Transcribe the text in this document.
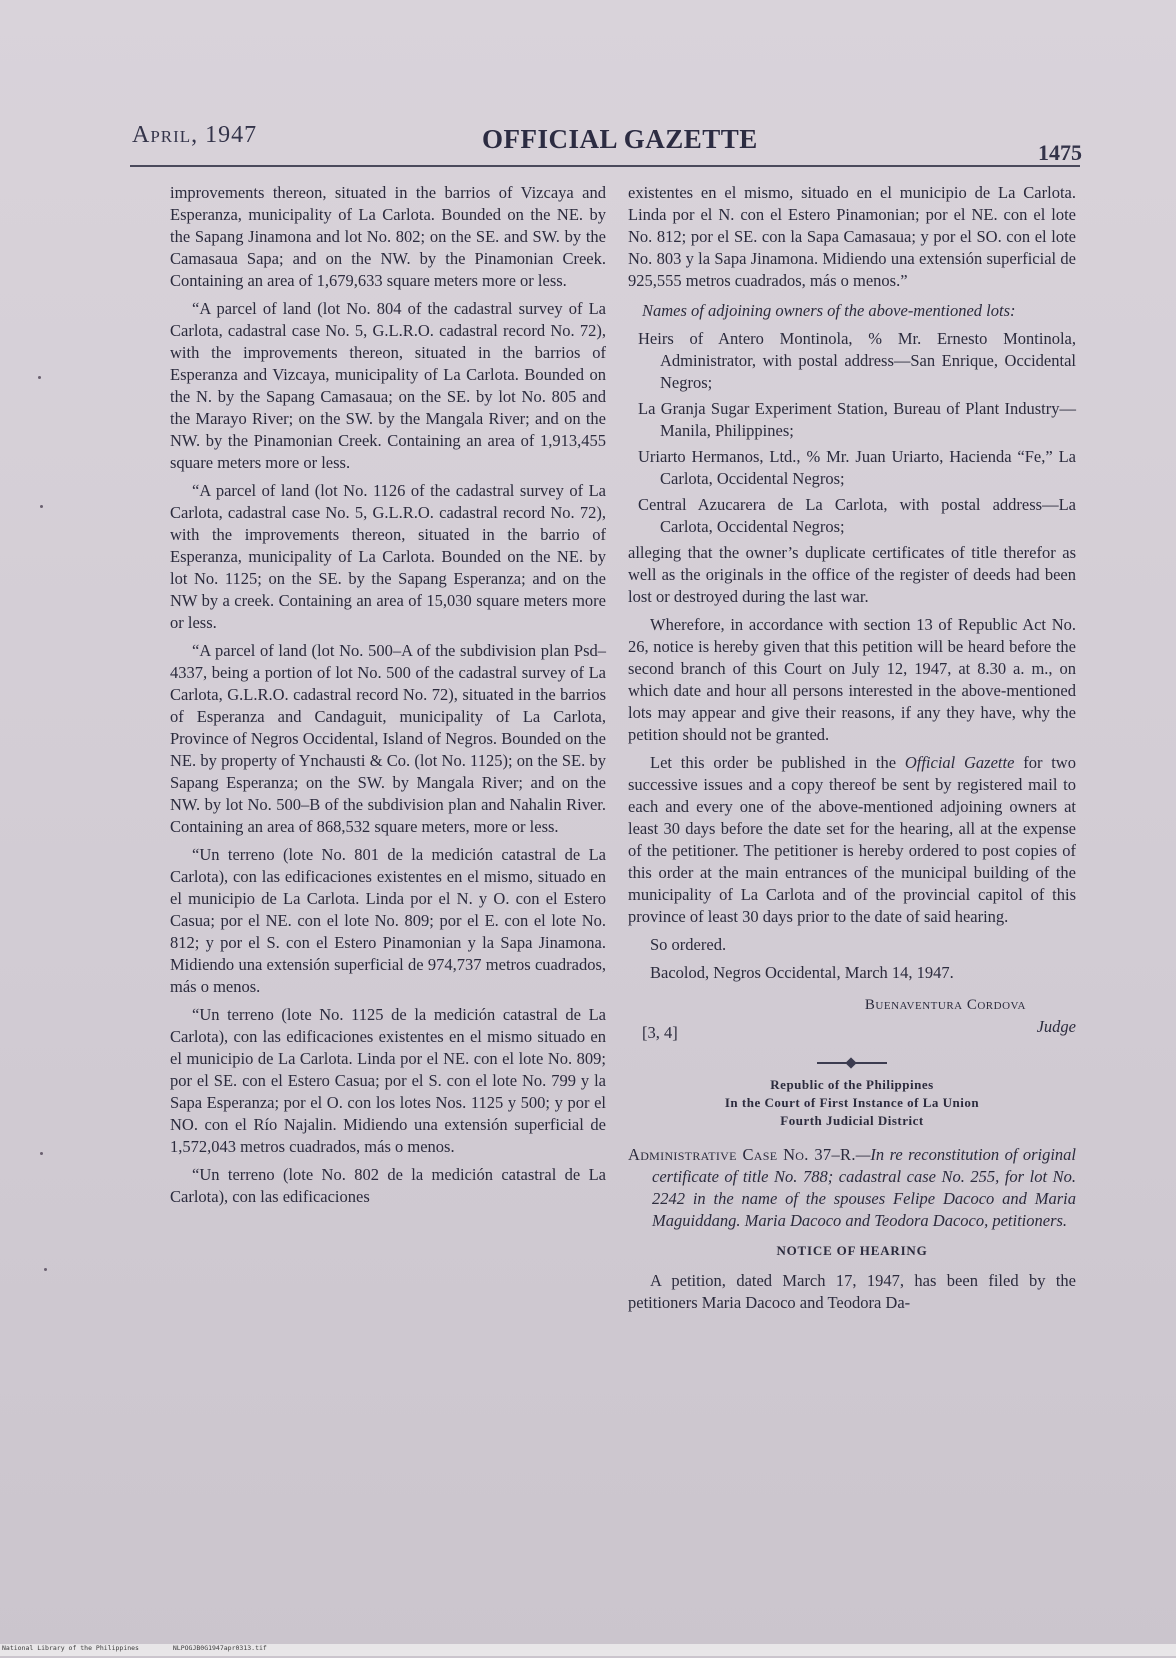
April, 1947	OFFICIAL GAZETTE	1475

improvements thereon, situated in the barrios of Vizcaya and Esperanza, municipality of La Carlota. Bounded on the NE. by the Sapang Jinamona and lot No. 802; on the SE. and SW. by the Camasaua Sapa; and on the NW. by the Pinamonian Creek. Containing an area of 1,679,633 square meters more or less.

“A parcel of land (lot No. 804 of the cadastral survey of La Carlota, cadastral case No. 5, G.L.R.O. cadastral record No. 72), with the improvements thereon, situated in the barrios of Esperanza and Vizcaya, municipality of La Carlota. Bounded on the N. by the Sapang Camasaua; on the SE. by lot No. 805 and the Marayo River; on the SW. by the Mangala River; and on the NW. by the Pinamonian Creek. Containing an area of 1,913,455 square meters more or less.

“A parcel of land (lot No. 1126 of the cadastral survey of La Carlota, cadastral case No. 5, G.L.R.O. cadastral record No. 72), with the improvements thereon, situated in the barrio of Esperanza, municipality of La Carlota. Bounded on the NE. by lot No. 1125; on the SE. by the Sapang Esperanza; and on the NW by a creek. Containing an area of 15,030 square meters more or less.

“A parcel of land (lot No. 500–A of the subdivision plan Psd–4337, being a portion of lot No. 500 of the cadastral survey of La Carlota, G.L.R.O. cadastral record No. 72), situated in the barrios of Esperanza and Candaguit, municipality of La Carlota, Province of Negros Occidental, Island of Negros. Bounded on the NE. by property of Ynchausti & Co. (lot No. 1125); on the SE. by Sapang Esperanza; on the SW. by Mangala River; and on the NW. by lot No. 500–B of the subdivision plan and Nahalin River. Containing an area of 868,532 square meters, more or less.

“Un terreno (lote No. 801 de la medición catastral de La Carlota), con las edificaciones existentes en el mismo, situado en el municipio de La Carlota. Linda por el N. y O. con el Estero Casua; por el NE. con el lote No. 809; por el E. con el lote No. 812; y por el S. con el Estero Pinamonian y la Sapa Jinamona. Midiendo una extensión superficial de 974,737 metros cuadrados, más o menos.

“Un terreno (lote No. 1125 de la medición catastral de La Carlota), con las edificaciones existentes en el mismo situado en el municipio de La Carlota. Linda por el NE. con el lote No. 809; por el SE. con el Estero Casua; por el S. con el lote No. 799 y la Sapa Esperanza; por el O. con los lotes Nos. 1125 y 500; y por el NO. con el Río Najalin. Midiendo una extensión superficial de 1,572,043 metros cuadrados, más o menos.

“Un terreno (lote No. 802 de la medición catastral de La Carlota), con las edificaciones

existentes en el mismo, situado en el municipio de La Carlota. Linda por el N. con el Estero Pinamonian; por el NE. con el lote No. 812; por el SE. con la Sapa Camasaua; y por el SO. con el lote No. 803 y la Sapa Jinamona. Midiendo una extensión superficial de 925,555 metros cuadrados, más o menos.”

Names of adjoining owners of the above-mentioned lots:
Heirs of Antero Montinola, % Mr. Ernesto Montinola, Administrator, with postal address—San Enrique, Occidental Negros;
La Granja Sugar Experiment Station, Bureau of Plant Industry—Manila, Philippines;
Uriarto Hermanos, Ltd., % Mr. Juan Uriarto, Hacienda “Fe,” La Carlota, Occidental Negros;
Central Azucarera de La Carlota, with postal address—La Carlota, Occidental Negros;

alleging that the owner’s duplicate certificates of title therefor as well as the originals in the office of the register of deeds had been lost or destroyed during the last war.

Wherefore, in accordance with section 13 of Republic Act No. 26, notice is hereby given that this petition will be heard before the second branch of this Court on July 12, 1947, at 8.30 a. m., on which date and hour all persons interested in the above-mentioned lots may appear and give their reasons, if any they have, why the petition should not be granted.

Let this order be published in the Official Gazette for two successive issues and a copy thereof be sent by registered mail to each and every one of the above-mentioned adjoining owners at least 30 days before the date set for the hearing, all at the expense of the petitioner. The petitioner is hereby ordered to post copies of this order at the main entrances of the municipal building of the municipality of La Carlota and of the provincial capitol of this province of least 30 days prior to the date of said hearing.

So ordered.

Bacolod, Negros Occidental, March 14, 1947.

Buenaventura Cordova
[3, 4]	Judge
Republic of the Philippines
In the Court of First Instance of La Union
Fourth Judicial District
Administrative Case No. 37–R.—In re reconstitution of original certificate of title No. 788; cadastral case No. 255, for lot No. 2242 in the name of the spouses Felipe Dacoco and Maria Maguiddang. Maria Dacoco and Teodora Dacoco, petitioners.
NOTICE OF HEARING

A petition, dated March 17, 1947, has been filed by the petitioners Maria Dacoco and Teodora Da-

National Library of the Philippines	NLPOGJB0G1947apr0313.tif
